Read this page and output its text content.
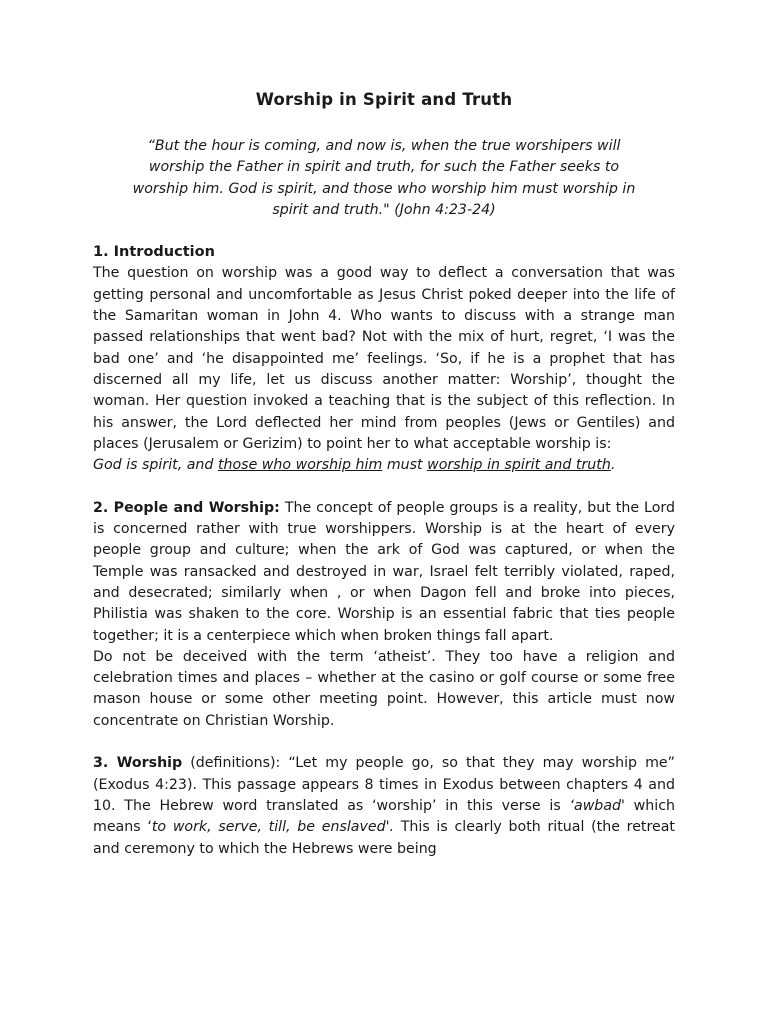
Worship in Spirit and Truth
“But the hour is coming, and now is, when the true worshipers will
worship the Father in spirit and truth, for such the Father seeks to
worship him. God is spirit, and those who worship him must worship in
spirit and truth." (John 4:23-24)
1. Introduction

The question on worship was a good way to deflect a conversation that was getting personal and uncomfortable as Jesus Christ poked deeper into the life of the Samaritan woman in John 4. Who wants to discuss with a strange man passed relationships that went bad? Not with the mix of hurt, regret, ‘I was the bad one’ and ‘he disappointed me’ feelings. ‘So, if he is a prophet that has discerned all my life, let us discuss another matter: Worship’, thought the woman. Her question invoked a teaching that is the subject of this reflection. In his answer, the Lord deflected her mind from peoples (Jews or Gentiles) and places (Jerusalem or Gerizim) to point her to what acceptable worship is:

God is spirit, and those who worship him must worship in spirit and truth.

2. People and Worship: The concept of people groups is a reality, but the Lord is concerned rather with true worshippers. Worship is at the heart of every people group and culture; when the ark of God was captured, or when the Temple was ransacked and destroyed in war, Israel felt terribly violated, raped, and desecrated; similarly when , or when Dagon fell and broke into pieces, Philistia was shaken to the core. Worship is an essential fabric that ties people together; it is a centerpiece which when broken things fall apart.

Do not be deceived with the term ‘atheist’. They too have a religion and celebration times and places – whether at the casino or golf course or some free mason house or some other meeting point. However, this article must now concentrate on Christian Worship.

3. Worship (definitions): “Let my people go, so that they may worship me” (Exodus 4:23). This passage appears 8 times in Exodus between chapters 4 and 10. The Hebrew word translated as ‘worship’ in this verse is ‘awbad' which means ‘to work, serve, till, be enslaved'. This is clearly both ritual (the retreat and ceremony to which the Hebrews were being
